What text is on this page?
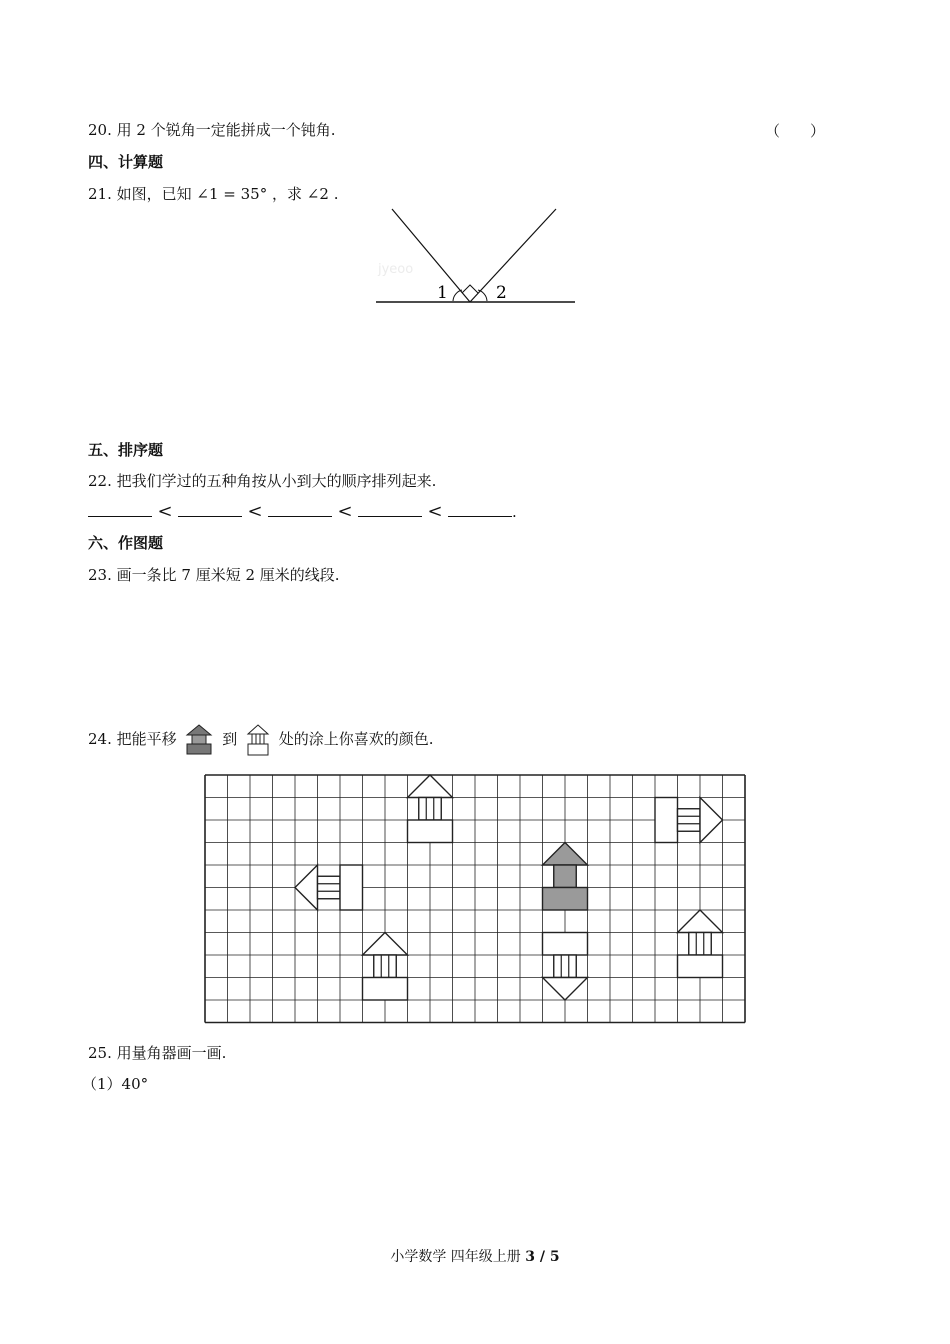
20. 用 2 个锐角一定能拼成一个钝角.	（　　）
四、计算题
21. 如图，已知 ∠1 = 35° ，求 ∠2 .
1	2
jyeoo
五、排序题
22. 把我们学过的五种角按从小到大的顺序排列起来.
<	<	<	<	.
六、作图题
23. 画一条比 7 厘米短 2 厘米的线段.
24. 把能平移	到	处的涂上你喜欢的颜色.
25. 用量角器画一画.
（1）40°
小学数学 四年级上册 3 / 5
